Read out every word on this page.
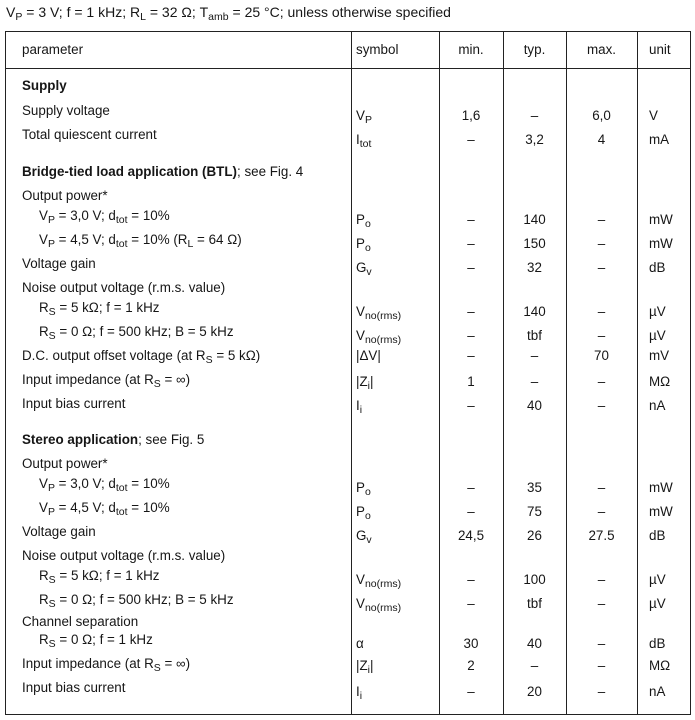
$V_P = 3$ V; f = 1 kHz; $R_L = 32$ Ω; $T_{amb} = 25$ °C; unless otherwise specified
parameter	symbol	min.	typ.	max.	unit
Supply
Supply voltage	$V_P$	1,6	–	6,0	V
Total quiescent current	$I_{tot}$	–	3,2	4	mA
Bridge-tied load application (BTL); see Fig. 4
Output power*
$V_P = 3,0$ V; $d_{tot} = 10\%$	$P_o$	–	140	–	mW
$V_P = 4,5$ V; $d_{tot} = 10\%$ ($R_L = 64$ Ω)	$P_o$	–	150	–	mW
Voltage gain	$G_v$	–	32	–	dB
Noise output voltage (r.m.s. value)
$R_S = 5$ kΩ; f = 1 kHz	$V_{no(rms)}$	–	140	–	µV
$R_S = 0$ Ω; f = 500 kHz; B = 5 kHz	$V_{no(rms)}$	–	tbf	–	µV
D.C. output offset voltage (at $R_S = 5$ kΩ)	|ΔV|	–	–	70	mV
Input impedance (at $R_S$ = ∞)	$|Z_i|$	1	–	–	MΩ
Input bias current	$I_i$	–	40	–	nA
Stereo application; see Fig. 5
Output power*
$V_P = 3,0$ V; $d_{tot} = 10\%$	$P_o$	–	35	–	mW
$V_P = 4,5$ V; $d_{tot} = 10\%$	$P_o$	–	75	–	mW
Voltage gain	$G_v$	24,5	26	27.5	dB
Noise output voltage (r.m.s. value)
$R_S = 5$ kΩ; f = 1 kHz	$V_{no(rms)}$	–	100	–	µV
$R_S = 0$ Ω; f = 500 kHz; B = 5 kHz	$V_{no(rms)}$	–	tbf	–	µV
Channel separation
$R_S = 0$ Ω; f = 1 kHz	α	30	40	–	dB
Input impedance (at $R_S$ = ∞)	$|Z_i|$	2	–	–	MΩ
Input bias current	$I_i$	–	20	–	nA
